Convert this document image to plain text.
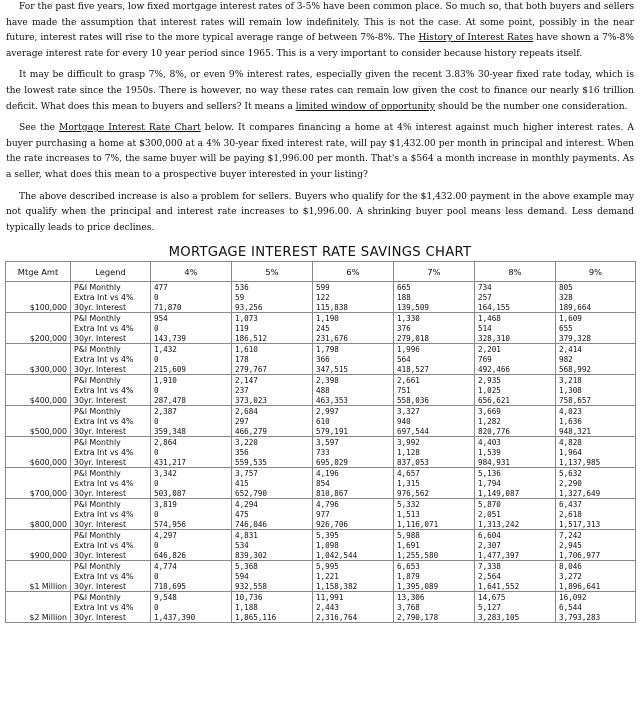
For the past five years, low fixed mortgage interest rates of 3-5% have been common place. So much so, that both buyers and sellers have made the assumption that interest rates will remain low indefinitely. This is not the case. At some point, possibly in the near future, interest rates will rise to the more typical average range of between 7%-8%. The History of Interest Rates have shown a 7%-8% average interest rate for every 10 year period since 1965. This is a very important to consider because history repeats itself.

It may be difficult to grasp 7%, 8%, or even 9% interest rates, especially given the recent 3.83% 30-year fixed rate today, which is the lowest rate since the 1950s. There is however, no way these rates can remain low given the cost to finance our nearly $16 trillion deficit. What does this mean to buyers and sellers? It means a limited window of opportunity should be the number one consideration.

See the Mortgage Interest Rate Chart below. It compares financing a home at 4% interest against much higher interest rates. A buyer purchasing a home at $300,000 at a 4% 30-year fixed interest rate, will pay $1,432.00 per month in principal and interest. When the rate increases to 7%, the same buyer will be paying $1,996.00 per month. That's a $564 a month increase in monthly payments. As a seller, what does this mean to a prospective buyer interested in your listing?

The above described increase is also a problem for sellers. Buyers who qualify for the $1,432.00 payment in the above example may not qualify when the principal and interest rate increases to $1,996.00. A shrinking buyer pool means less demand. Less demand typically leads to price declines.

MORTGAGE INTEREST RATE SAVINGS CHART
Mtge Amt	Legend	4%	5%	6%	7%	8%	9%
	P&I Monthly	477	536	599	665	734	805
	Extra Int vs 4%	0	59	122	188	257	328
$100,000	30yr. Interest	71,870	93,256	115,838	139,509	164,155	189,664
	P&I Monthly	954	1,073	1,190	1,330	1,468	1,609
	Extra Int vs 4%	0	119	245	376	514	655
$200,000	30yr. Interest	143,739	186,512	231,676	279,018	328,310	379,328
	P&I Monthly	1,432	1,610	1,798	1,996	2,201	2,414
	Extra Int vs 4%	0	178	366	564	769	982
$300,000	30yr. Interest	215,609	279,767	347,515	418,527	492,466	568,992
	P&I Monthly	1,910	2,147	2,398	2,661	2,935	3,218
	Extra Int vs 4%	0	237	488	751	1,025	1,308
$400,000	30yr. Interest	287,478	373,023	463,353	558,036	656,621	758,657
	P&I Monthly	2,387	2,684	2,997	3,327	3,669	4,023
	Extra Int vs 4%	0	297	610	940	1,282	1,636
$500,000	30yr. Interest	359,348	466,279	579,191	697,544	820,776	948,321
	P&I Monthly	2,864	3,220	3,597	3,992	4,403	4,828
	Extra Int vs 4%	0	356	733	1,128	1,539	1,964
$600,000	30yr. Interest	431,217	559,535	695,029	837,053	984,931	1,137,985
	P&I Monthly	3,342	3,757	4,196	4,657	5,136	5,632
	Extra Int vs 4%	0	415	854	1,315	1,794	2,290
$700,000	30yr. Interest	503,087	652,790	810,867	976,562	1,149,087	1,327,649
	P&I Monthly	3,819	4,294	4,796	5,332	5,870	6,437
	Extra Int vs 4%	0	475	977	1,513	2,051	2,618
$800,000	30yr. Interest	574,956	746,046	926,706	1,116,071	1,313,242	1,517,313
	P&I Monthly	4,297	4,831	5,395	5,988	6,604	7,242
	Extra Int vs 4%	0	534	1,098	1,691	2,307	2,945
$900,000	30yr. Interest	646,826	839,302	1,042,544	1,255,580	1,477,397	1,706,977
	P&I Monthly	4,774	5,368	5,995	6,653	7,338	8,046
	Extra Int vs 4%	0	594	1,221	1,879	2,564	3,272
$1 Million	30yr. Interest	718,695	932,558	1,158,382	1,395,089	1,641,552	1,896,641
	P&I Monthly	9,548	10,736	11,991	13,306	14,675	16,092
	Extra Int vs 4%	0	1,188	2,443	3,768	5,127	6,544
$2 Million	30yr. Interest	1,437,390	1,865,116	2,316,764	2,790,178	3,283,105	3,793,283
